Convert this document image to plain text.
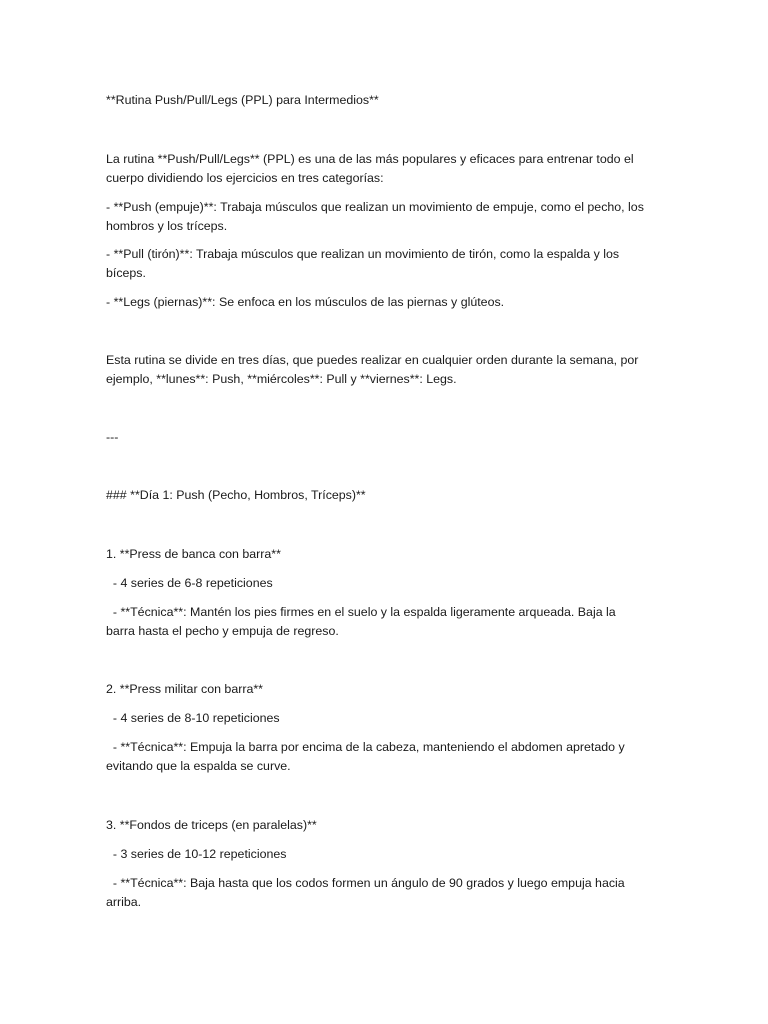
**Rutina Push/Pull/Legs (PPL) para Intermedios**

La rutina **Push/Pull/Legs** (PPL) es una de las más populares y eficaces para entrenar todo el cuerpo dividiendo los ejercicios en tres categorías:

- **Push (empuje)**: Trabaja músculos que realizan un movimiento de empuje, como el pecho, los hombros y los tríceps.

- **Pull (tirón)**: Trabaja músculos que realizan un movimiento de tirón, como la espalda y los bíceps.

- **Legs (piernas)**: Se enfoca en los músculos de las piernas y glúteos.

Esta rutina se divide en tres días, que puedes realizar en cualquier orden durante la semana, por ejemplo, **lunes**: Push, **miércoles**: Pull y **viernes**: Legs.

---

### **Día 1: Push (Pecho, Hombros, Tríceps)**

1. **Press de banca con barra**

- 4 series de 6-8 repeticiones

- **Técnica**: Mantén los pies firmes en el suelo y la espalda ligeramente arqueada. Baja la barra hasta el pecho y empuja de regreso.

2. **Press militar con barra**

- 4 series de 8-10 repeticiones

- **Técnica**: Empuja la barra por encima de la cabeza, manteniendo el abdomen apretado y evitando que la espalda se curve.

3. **Fondos de triceps (en paralelas)**

- 3 series de 10-12 repeticiones

- **Técnica**: Baja hasta que los codos formen un ángulo de 90 grados y luego empuja hacia arriba.
